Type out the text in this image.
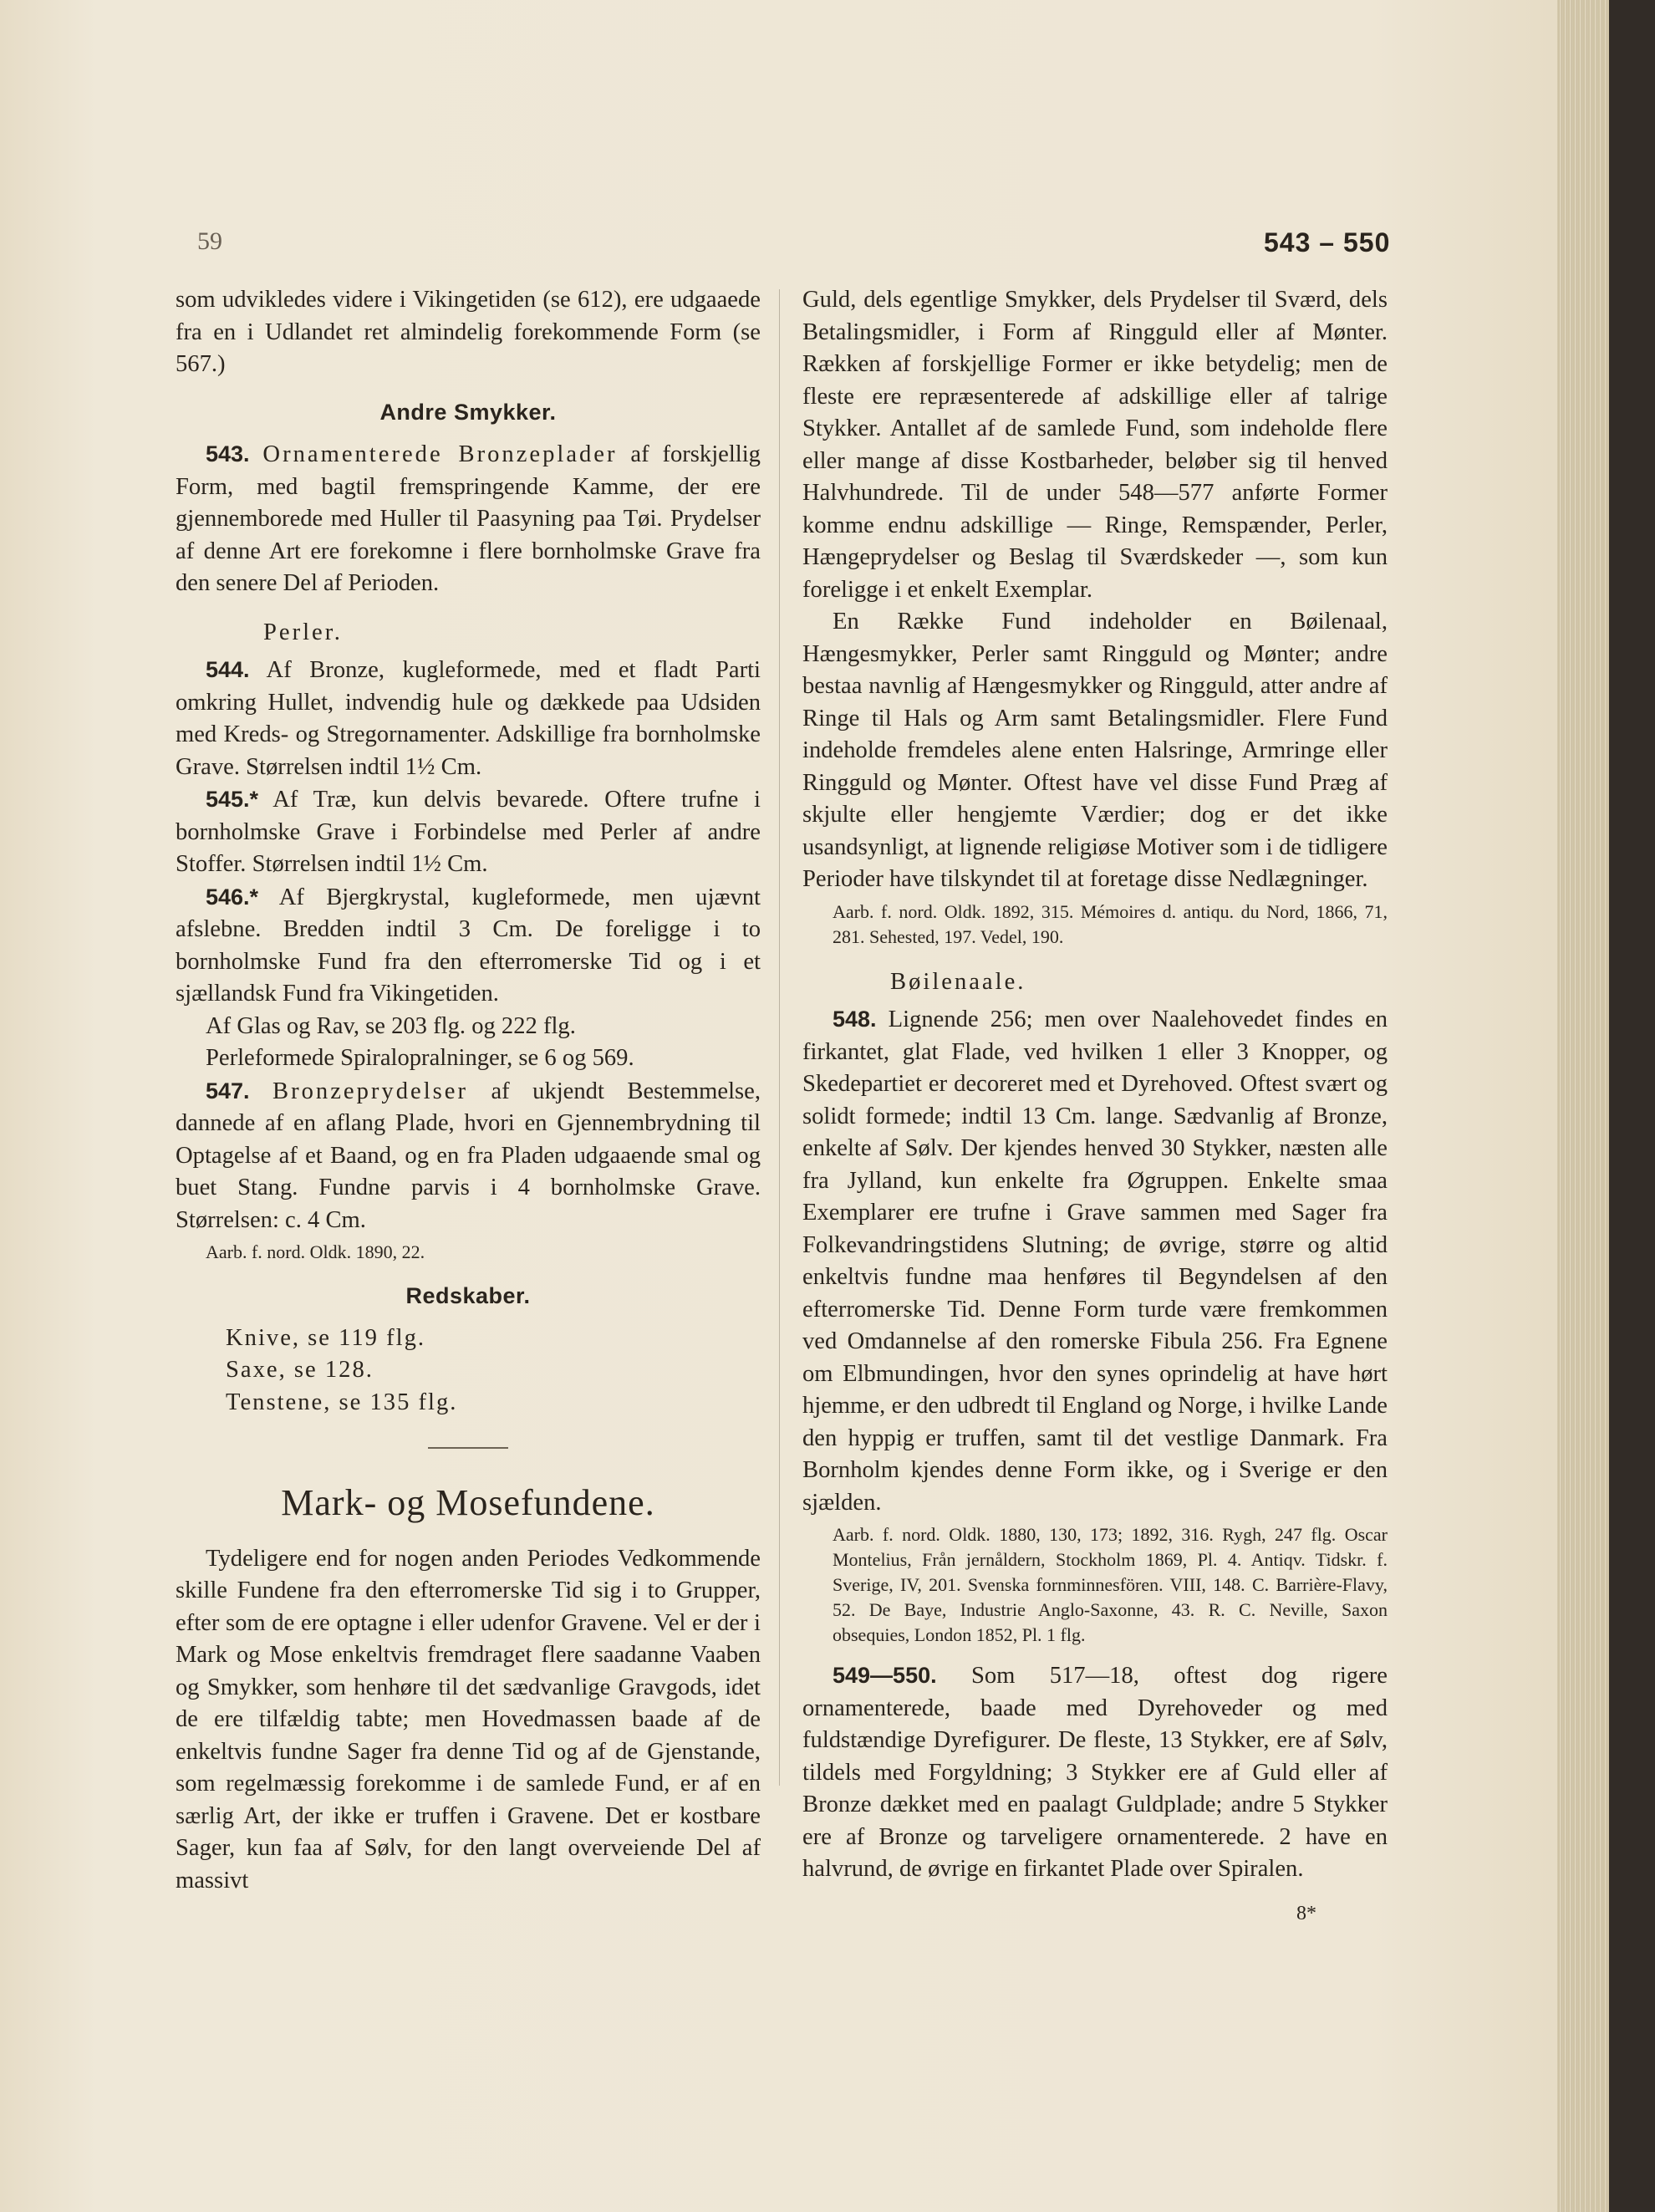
59	543 – 550

som udvikledes videre i Vikingetiden (se 612), ere udgaaede fra en i Udlandet ret almindelig forekommende Form (se 567.)

Andre Smykker.

543. Ornamenterede Bronzeplader af forskjellig Form, med bagtil fremspringende Kamme, der ere gjennemborede med Huller til Paasyning paa Tøi. Prydelser af denne Art ere forekomne i flere bornholmske Grave fra den senere Del af Perioden.

Perler.

544. Af Bronze, kugleformede, med et fladt Parti omkring Hullet, indvendig hule og dækkede paa Udsiden med Kreds- og Stregornamenter. Adskillige fra bornholmske Grave. Størrelsen indtil 1½ Cm.

545.* Af Træ, kun delvis bevarede. Oftere trufne i bornholmske Grave i Forbindelse med Perler af andre Stoffer. Størrelsen indtil 1½ Cm.

546.* Af Bjergkrystal, kugleformede, men ujævnt afslebne. Bredden indtil 3 Cm. De foreligge i to bornholmske Fund fra den efterromerske Tid og i et sjællandsk Fund fra Vikingetiden.

Af Glas og Rav, se 203 flg. og 222 flg.

Perleformede Spiralopralninger, se 6 og 569.

547. Bronzeprydelser af ukjendt Bestemmelse, dannede af en aflang Plade, hvori en Gjennembrydning til Optagelse af et Baand, og en fra Pladen udgaaende smal og buet Stang. Fundne parvis i 4 bornholmske Grave. Størrelsen: c. 4 Cm.

Aarb. f. nord. Oldk. 1890, 22.

Redskaber.

Knive, se 119 flg.

Saxe, se 128.

Tenstene, se 135 flg.

Mark- og Mosefundene.

Tydeligere end for nogen anden Periodes Vedkommende skille Fundene fra den efterromerske Tid sig i to Grupper, efter som de ere optagne i eller udenfor Gravene. Vel er der i Mark og Mose enkeltvis fremdraget flere saadanne Vaaben og Smykker, som henhøre til det sædvanlige Gravgods, idet de ere tilfældig tabte; men Hovedmassen baade af de enkeltvis fundne Sager fra denne Tid og af de Gjenstande, som regelmæssig forekomme i de samlede Fund, er af en særlig Art, der ikke er truffen i Gravene. Det er kostbare Sager, kun faa af Sølv, for den langt overveiende Del af massivt

Guld, dels egentlige Smykker, dels Prydelser til Sværd, dels Betalingsmidler, i Form af Ringguld eller af Mønter. Rækken af forskjellige Former er ikke betydelig; men de fleste ere repræsenterede af adskillige eller af talrige Stykker. Antallet af de samlede Fund, som indeholde flere eller mange af disse Kostbarheder, beløber sig til henved Halvhundrede. Til de under 548—577 anførte Former komme endnu adskillige — Ringe, Remspænder, Perler, Hængeprydelser og Beslag til Sværdskeder —, som kun foreligge i et enkelt Exemplar.

En Række Fund indeholder en Bøilenaal, Hængesmykker, Perler samt Ringguld og Mønter; andre bestaa navnlig af Hængesmykker og Ringguld, atter andre af Ringe til Hals og Arm samt Betalingsmidler. Flere Fund indeholde fremdeles alene enten Halsringe, Armringe eller Ringguld og Mønter. Oftest have vel disse Fund Præg af skjulte eller hengjemte Værdier; dog er det ikke usandsynligt, at lignende religiøse Motiver som i de tidligere Perioder have tilskyndet til at foretage disse Nedlægninger.

Aarb. f. nord. Oldk. 1892, 315. Mémoires d. antiqu. du Nord, 1866, 71, 281. Sehested, 197. Vedel, 190.

Bøilenaale.

548. Lignende 256; men over Naalehovedet findes en firkantet, glat Flade, ved hvilken 1 eller 3 Knopper, og Skedepartiet er decoreret med et Dyrehoved. Oftest svært og solidt formede; indtil 13 Cm. lange. Sædvanlig af Bronze, enkelte af Sølv. Der kjendes henved 30 Stykker, næsten alle fra Jylland, kun enkelte fra Øgruppen. Enkelte smaa Exemplarer ere trufne i Grave sammen med Sager fra Folkevandringstidens Slutning; de øvrige, større og altid enkeltvis fundne maa henføres til Begyndelsen af den efterromerske Tid. Denne Form turde være fremkommen ved Omdannelse af den romerske Fibula 256. Fra Egnene om Elbmundingen, hvor den synes oprindelig at have hørt hjemme, er den udbredt til England og Norge, i hvilke Lande den hyppig er truffen, samt til det vestlige Danmark. Fra Bornholm kjendes denne Form ikke, og i Sverige er den sjælden.

Aarb. f. nord. Oldk. 1880, 130, 173; 1892, 316. Rygh, 247 flg. Oscar Montelius, Från jernåldern, Stockholm 1869, Pl. 4. Antiqv. Tidskr. f. Sverige, IV, 201. Svenska fornminnesfören. VIII, 148. C. Barrière-Flavy, 52. De Baye, Industrie Anglo-Saxonne, 43. R. C. Neville, Saxon obsequies, London 1852, Pl. 1 flg.

549—550. Som 517—18, oftest dog rigere ornamenterede, baade med Dyrehoveder og med fuldstændige Dyrefigurer. De fleste, 13 Stykker, ere af Sølv, tildels med Forgyldning; 3 Stykker ere af Guld eller af Bronze dækket med en paalagt Guldplade; andre 5 Stykker ere af Bronze og tarveligere ornamenterede. 2 have en halvrund, de øvrige en firkantet Plade over Spiralen.

8*
